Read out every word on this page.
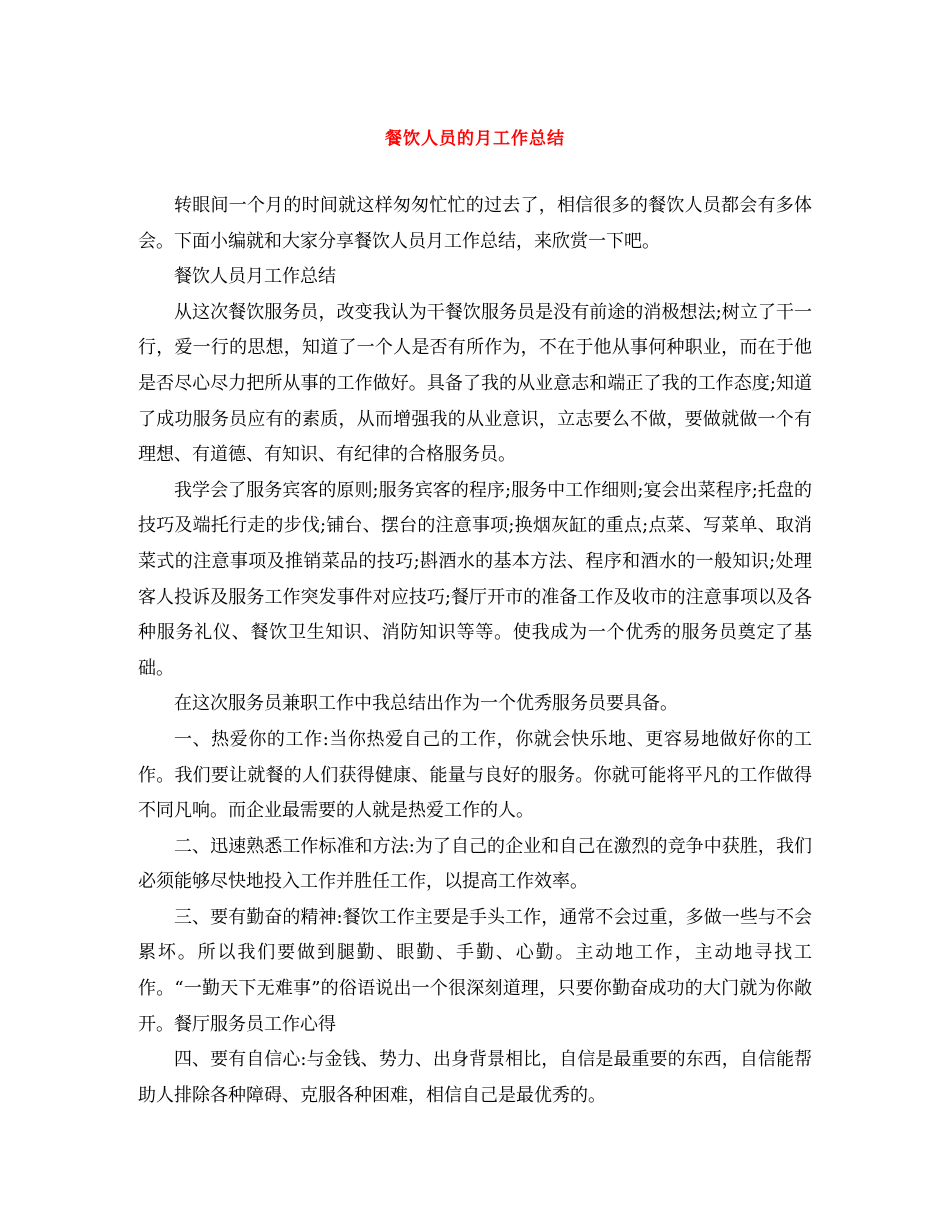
餐饮人员的月工作总结

转眼间一个月的时间就这样匆匆忙忙的过去了，相信很多的餐饮人员都会有多体会。下面小编就和大家分享餐饮人员月工作总结，来欣赏一下吧。

餐饮人员月工作总结

从这次餐饮服务员，改变我认为干餐饮服务员是没有前途的消极想法;树立了干一行，爱一行的思想，知道了一个人是否有所作为，不在于他从事何种职业，而在于他是否尽心尽力把所从事的工作做好。具备了我的从业意志和端正了我的工作态度;知道了成功服务员应有的素质，从而增强我的从业意识，立志要么不做，要做就做一个有理想、有道德、有知识、有纪律的合格服务员。

我学会了服务宾客的原则;服务宾客的程序;服务中工作细则;宴会出菜程序;托盘的技巧及端托行走的步伐;铺台、摆台的注意事项;换烟灰缸的重点;点菜、写菜单、取消菜式的注意事项及推销菜品的技巧;斟酒水的基本方法、程序和酒水的一般知识;处理客人投诉及服务工作突发事件对应技巧;餐厅开市的准备工作及收市的注意事项以及各种服务礼仪、餐饮卫生知识、消防知识等等。使我成为一个优秀的服务员奠定了基础。

在这次服务员兼职工作中我总结出作为一个优秀服务员要具备。

一、热爱你的工作:当你热爱自己的工作，你就会快乐地、更容易地做好你的工作。我们要让就餐的人们获得健康、能量与良好的服务。你就可能将平凡的工作做得不同凡响。而企业最需要的人就是热爱工作的人。

二、迅速熟悉工作标准和方法:为了自己的企业和自己在激烈的竞争中获胜，我们必须能够尽快地投入工作并胜任工作，以提高工作效率。

三、要有勤奋的精神:餐饮工作主要是手头工作，通常不会过重，多做一些与不会累坏。所以我们要做到腿勤、眼勤、手勤、心勤。主动地工作，主动地寻找工作。“一勤天下无难事”的俗语说出一个很深刻道理，只要你勤奋成功的大门就为你敞开。餐厅服务员工作心得

四、要有自信心:与金钱、势力、出身背景相比，自信是最重要的东西，自信能帮助人排除各种障碍、克服各种困难，相信自己是最优秀的。
